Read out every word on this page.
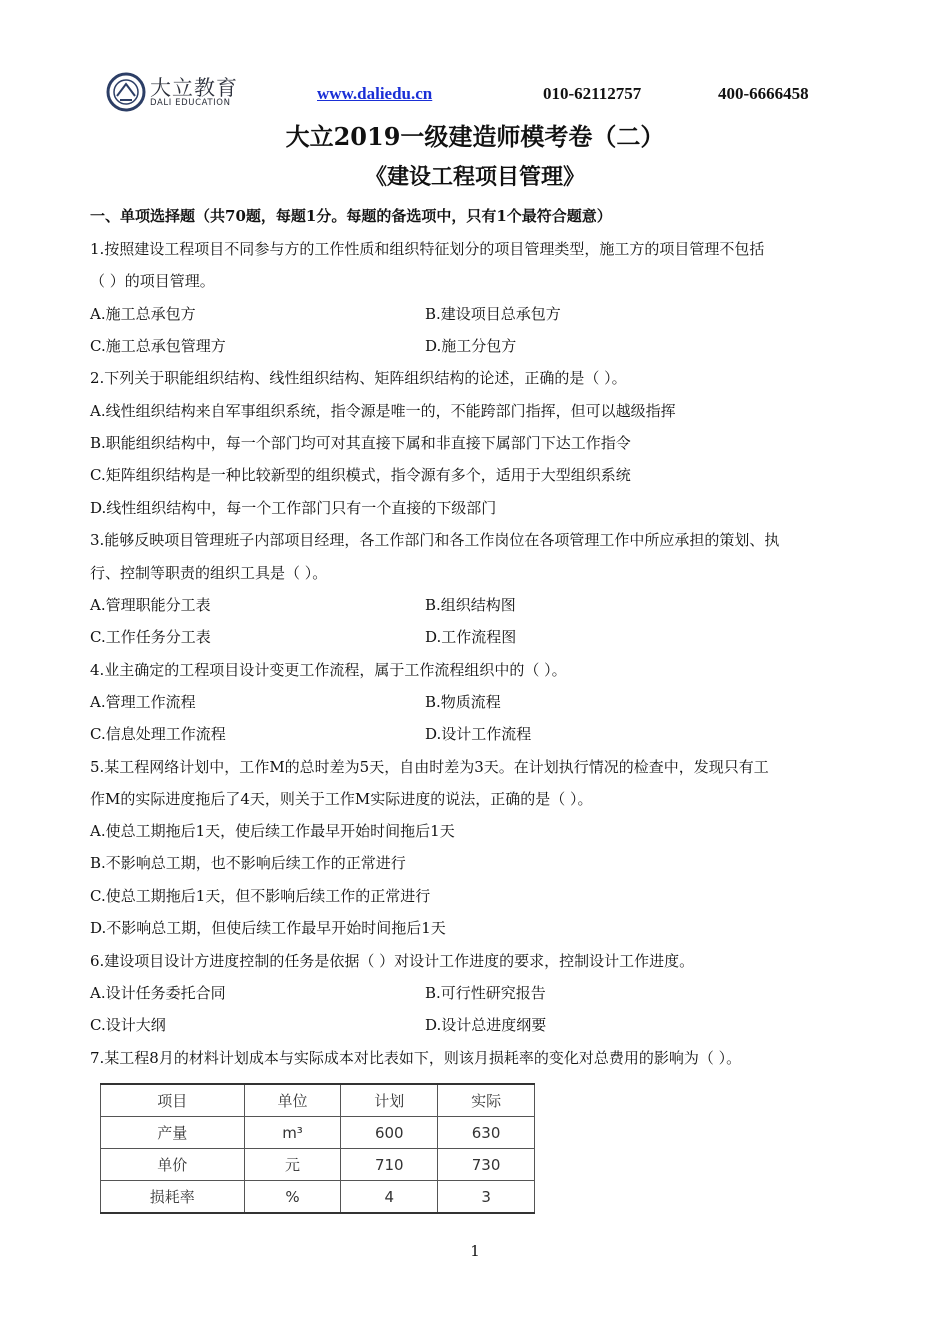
大立教育
DALI EDUCATION	www.daliedu.cn	010-62112757	400-6666458
大立2019一级建造师模考卷（二）
《建设工程项目管理》
一、单项选择题（共70题，每题1分。每题的备选项中，只有1个最符合题意）
1.按照建设工程项目不同参与方的工作性质和组织特征划分的项目管理类型，施工方的项目管理不包括
（ ）的项目管理。
A.施工总承包方	B.建设项目总承包方
C.施工总承包管理方	D.施工分包方
2.下列关于职能组织结构、线性组织结构、矩阵组织结构的论述，正确的是（ ）。
A.线性组织结构来自军事组织系统，指令源是唯一的，不能跨部门指挥，但可以越级指挥
B.职能组织结构中，每一个部门均可对其直接下属和非直接下属部门下达工作指令
C.矩阵组织结构是一种比较新型的组织模式，指令源有多个，适用于大型组织系统
D.线性组织结构中，每一个工作部门只有一个直接的下级部门
3.能够反映项目管理班子内部项目经理，各工作部门和各工作岗位在各项管理工作中所应承担的策划、执
行、控制等职责的组织工具是（ ）。
A.管理职能分工表	B.组织结构图
C.工作任务分工表	D.工作流程图
4.业主确定的工程项目设计变更工作流程，属于工作流程组织中的（ ）。
A.管理工作流程	B.物质流程
C.信息处理工作流程	D.设计工作流程
5.某工程网络计划中，工作M的总时差为5天，自由时差为3天。在计划执行情况的检查中，发现只有工
作M的实际进度拖后了4天，则关于工作M实际进度的说法，正确的是（ ）。
A.使总工期拖后1天，使后续工作最早开始时间拖后1天
B.不影响总工期，也不影响后续工作的正常进行
C.使总工期拖后1天，但不影响后续工作的正常进行
D.不影响总工期，但使后续工作最早开始时间拖后1天
6.建设项目设计方进度控制的任务是依据（ ）对设计工作进度的要求，控制设计工作进度。
A.设计任务委托合同	B.可行性研究报告
C.设计大纲	D.设计总进度纲要
7.某工程8月的材料计划成本与实际成本对比表如下，则该月损耗率的变化对总费用的影响为（ ）。
项目	单位	计划	实际
产量	m³	600	630
单价	元	710	730
损耗率	%	4	3
1
